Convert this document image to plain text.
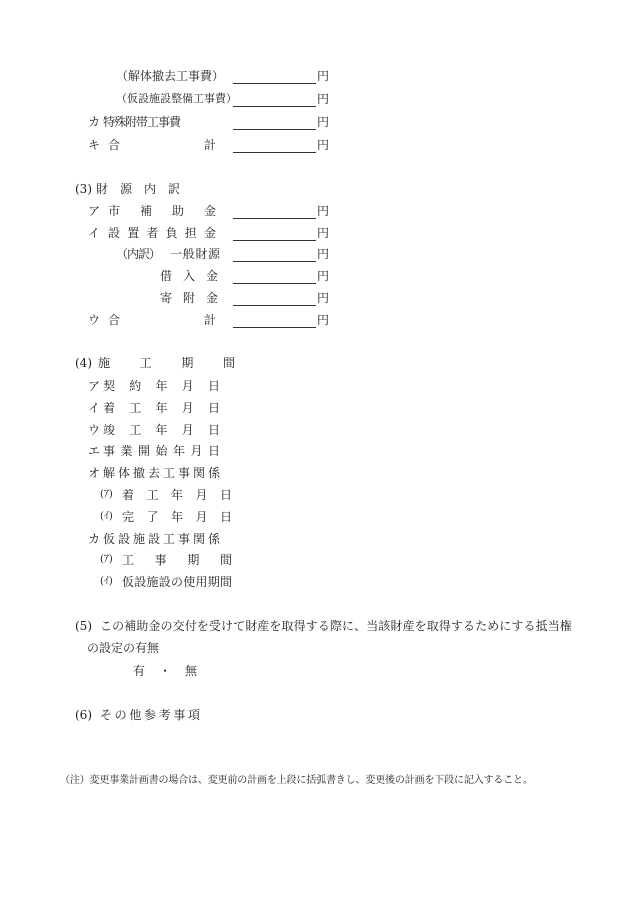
（解体撤去工事費）	円
（仮設施設整備工事費）	円
カ 特殊附帯工事費	円
キ 合計	円
(3) 財源内訳
ア 市補助金	円
イ 設置者負担金	円
（内訳） 一般財源	円
借入金	円
寄附金	円
ウ 合計	円
(4) 施工期間
ア 契約年月日
イ 着工年月日
ウ 竣工年月日
エ 事業開始年月日
オ 解体撤去工事関係
(ｱ) 着工年月日
(ｲ) 完了年月日
カ 仮設施設工事関係
(ｱ) 工事期間
(ｲ) 仮設施設の使用期間
(5) この補助金の交付を受けて財産を取得する際に、当該財産を取得するためにする抵当権
の設定の有無
有・無
(6) その他参考事項
（注）変更事業計画書の場合は、変更前の計画を上段に括弧書きし、変更後の計画を下段に記入すること。
